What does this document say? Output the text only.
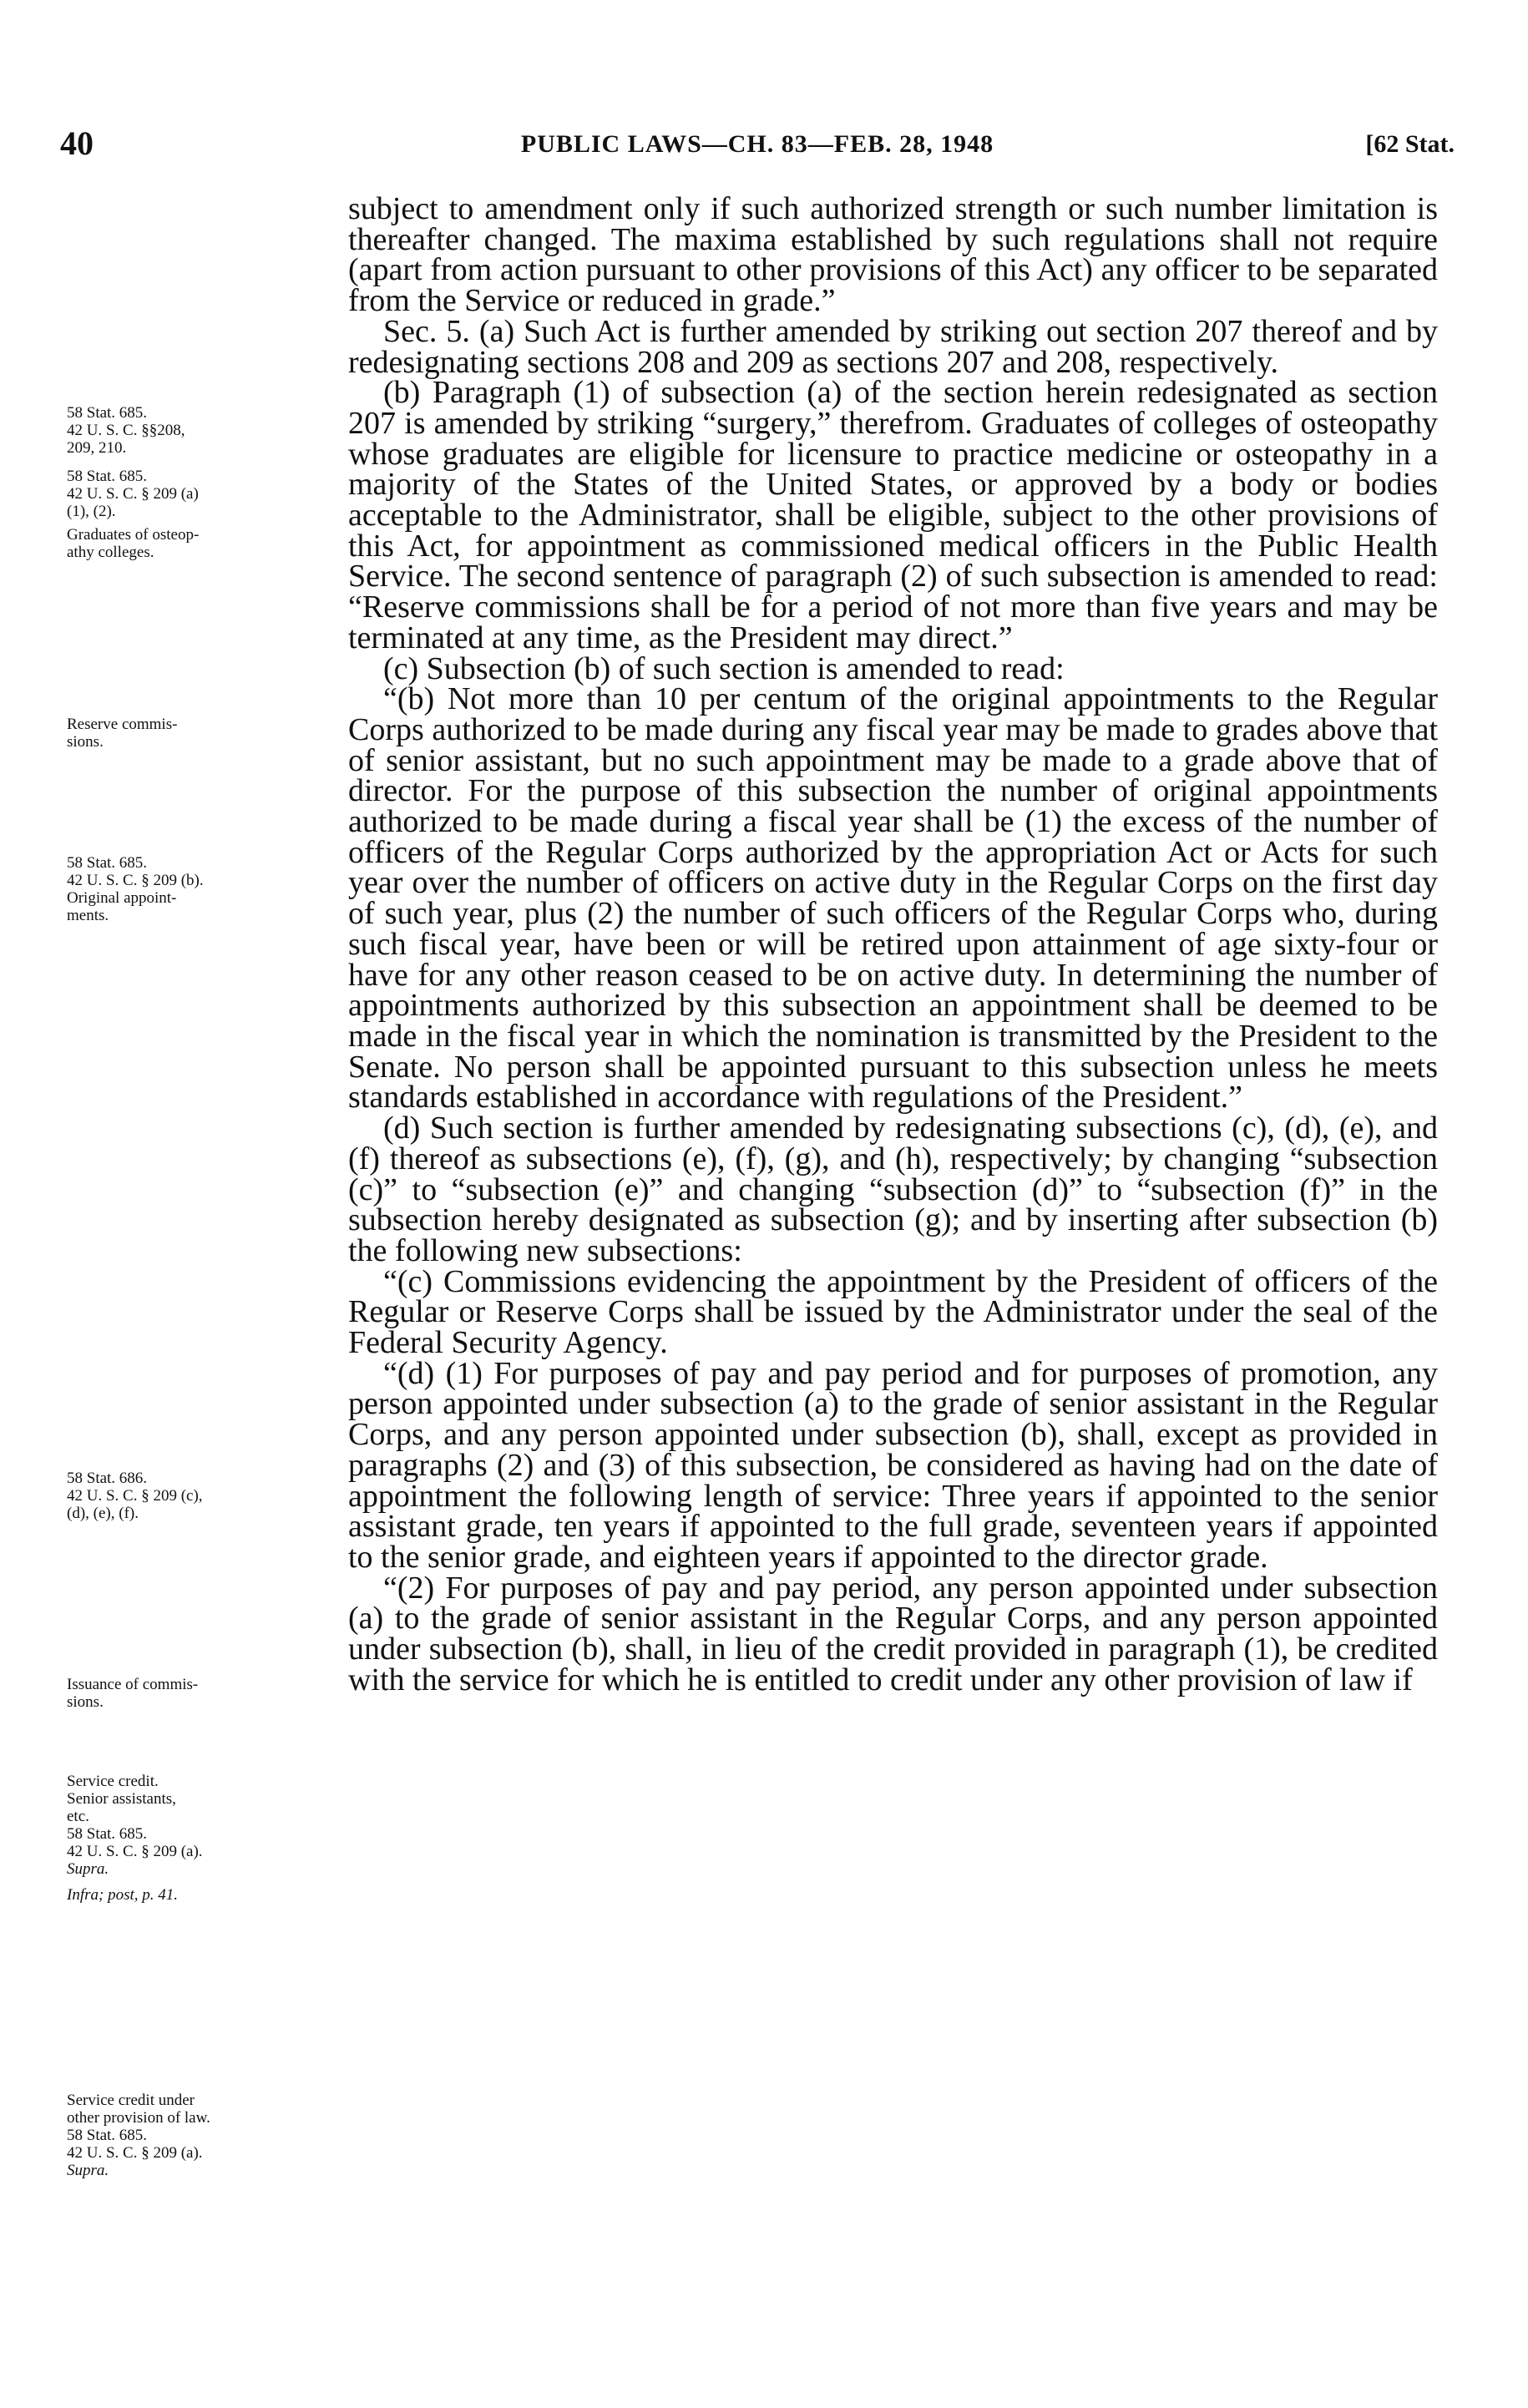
40	PUBLIC LAWS—CH. 83—FEB. 28, 1948	[62 Stat.
58 Stat. 685.
42 U. S. C. §§208,
209, 210.
58 Stat. 685.
42 U. S. C. § 209 (a)
(1), (2).
Graduates of osteop-
athy colleges.
Reserve commis-
sions.
58 Stat. 685.
42 U. S. C. § 209 (b).
Original appoint-
ments.
58 Stat. 686.
42 U. S. C. § 209 (c),
(d), (e), (f).
Issuance of commis-
sions.
Service credit.
Senior assistants,
etc.
58 Stat. 685.
42 U. S. C. § 209 (a).
Supra.
Infra; post, p. 41.
Service credit under
other provision of law.
58 Stat. 685.
42 U. S. C. § 209 (a).
Supra.

subject to amendment only if such authorized strength or such number limitation is thereafter changed. The maxima established by such regulations shall not require (apart from action pursuant to other provisions of this Act) any officer to be separated from the Service or reduced in grade.”

Sec. 5. (a) Such Act is further amended by striking out section 207 thereof and by redesignating sections 208 and 209 as sections 207 and 208, respectively.

(b) Paragraph (1) of subsection (a) of the section herein redesignated as section 207 is amended by striking “surgery,” therefrom. Graduates of colleges of osteopathy whose graduates are eligible for licensure to practice medicine or osteopathy in a majority of the States of the United States, or approved by a body or bodies acceptable to the Administrator, shall be eligible, subject to the other provisions of this Act, for appointment as commissioned medical officers in the Public Health Service. The second sentence of paragraph (2) of such subsection is amended to read: “Reserve commissions shall be for a period of not more than five years and may be terminated at any time, as the President may direct.”

(c) Subsection (b) of such section is amended to read:

“(b) Not more than 10 per centum of the original appointments to the Regular Corps authorized to be made during any fiscal year may be made to grades above that of senior assistant, but no such appointment may be made to a grade above that of director. For the purpose of this subsection the number of original appointments authorized to be made during a fiscal year shall be (1) the excess of the number of officers of the Regular Corps authorized by the appropriation Act or Acts for such year over the number of officers on active duty in the Regular Corps on the first day of such year, plus (2) the number of such officers of the Regular Corps who, during such fiscal year, have been or will be retired upon attainment of age sixty-four or have for any other reason ceased to be on active duty. In determining the number of appointments authorized by this subsection an appointment shall be deemed to be made in the fiscal year in which the nomination is transmitted by the President to the Senate. No person shall be appointed pursuant to this subsection unless he meets standards established in accordance with regulations of the President.”

(d) Such section is further amended by redesignating subsections (c), (d), (e), and (f) thereof as subsections (e), (f), (g), and (h), respectively; by changing “subsection (c)” to “subsection (e)” and changing “subsection (d)” to “subsection (f)” in the subsection hereby designated as subsection (g); and by inserting after subsection (b) the following new subsections:

“(c) Commissions evidencing the appointment by the President of officers of the Regular or Reserve Corps shall be issued by the Administrator under the seal of the Federal Security Agency.

“(d) (1) For purposes of pay and pay period and for purposes of promotion, any person appointed under subsection (a) to the grade of senior assistant in the Regular Corps, and any person appointed under subsection (b), shall, except as provided in paragraphs (2) and (3) of this subsection, be considered as having had on the date of appointment the following length of service: Three years if appointed to the senior assistant grade, ten years if appointed to the full grade, seventeen years if appointed to the senior grade, and eighteen years if appointed to the director grade.

“(2) For purposes of pay and pay period, any person appointed under subsection (a) to the grade of senior assistant in the Regular Corps, and any person appointed under subsection (b), shall, in lieu of the credit provided in paragraph (1), be credited with the service for which he is entitled to credit under any other provision of law if
